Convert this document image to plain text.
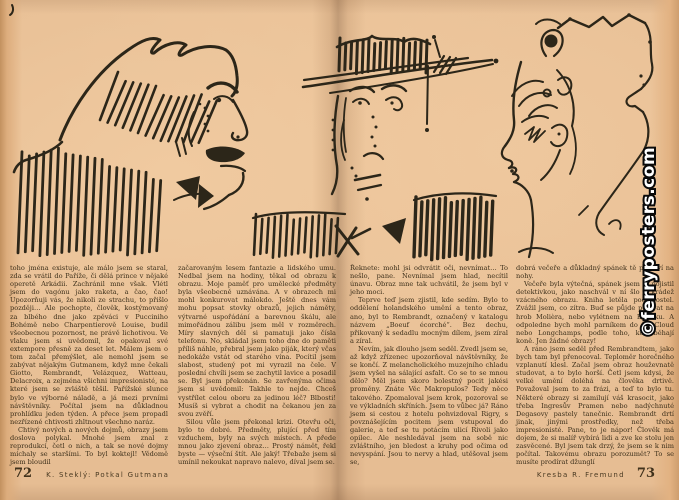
toho jména existuje, ale málo jsem se staral, zda se vrátil do Paříže, či dělá prince v nějaké operetě Arkádii. Zachránil mne však. Vlétl jsem do vagónu jako raketa, a čao, čao! Upozorňuji vás, že nikoli ze strachu, to přišlo později… Ale pochopte, člověk, kostýmovaný za blbého dne jako zpěváci v Pucciniho Bohémě nebo Charpentierově Louise, budil všeobecnou pozornost, ne právě lichotivou. Ve vlaku jsem si uvědomil, že opakoval své extempore přesně za deset let. Málem jsem o tom začal přemýšlet, ale nemohl jsem se zabývat nějakým Gutmanem, když mne čekali Giotto, Rembrandt, Velázquez, Watteau, Delacroix, a zejména všichni impresionisté, na které jsem se zvláště těšil. Pařížské slunce bylo ve výborné náladě, a já mezi prvními návštěvníky. Počítal jsem na důkladnou prohlídku jeden týden. A přece jsem propadl nezřízené chtivosti zhltnout všechno naráz.

Chtivý nových a nových dojmů, obrazy jsem doslova polykal. Mnohé jsem znal z reprodukcí, četl o nich, a tak se nové dojmy míchaly se staršími. To byl koktejl! Vědomě jsem bloudil

začarovaným lesem fantazie a lidského umu. Nedbal jsem na hodiny, těkal od obrazu k obrazu. Moje paměť pro umělecké předměty byla všeobecně uznávána. A v obrazech mi mohl konkurovat málokdo. Ještě dnes vám mohu popsat stovky obrazů, jejich náměty, výtvarné uspořádání a barevnou škálu, ale mimořádnou zálibu jsem měl v rozměrech. Míry slavných děl si pamatuji jako čísla telefonu. No, skládal jsem toho dne do paměti příliš náhle, přebral jsem jako piják, který včas nedokáže vstát od starého vína. Pocítil jsem slabost, studený pot mi vyrazil na čele. V poslední chvíli jsem se zachytil lavice a posadil se. Byl jsem překonán. Se zavřenýma očima jsem si uvědomil: Takhle to nejde. Chceš vystřílet celou oboru za jedinou léč? Blbosti! Musíš si vybrat a chodit na čekanou jen za svou zvěří.

Silou vůle jsem překonal krizi. Otevřu oči, bylo to dobré. Předměty, plující před tím vzduchem, byly na svých místech. A přede mnou jako zjevení obraz… Prostý námět, řekl byste — výseční štít. Ale jaký! Třebaže jsem si umínil nekoukat napravo nalevo, díval jsem se.

Řeknete: mohl jsi odvrátit oči, nevnímat… To nešlo, pane. Nevnímal jsem hlad, necítil únavu. Obraz mne tak uchvátil, že jsem byl v jeho moci.

Teprve teď jsem zjistil, kde sedím. Bylo to oddělení holandského umění a tento obraz, ano, byl to Rembrandt, označený v katalogu názvem „Boeuf écorché“. Bez dechu, přikovaný k sedadlu mocným dílem, jsem zíral a zíral.

Nevím, jak dlouho jsem seděl. Zvedl jsem se, až když zřízenec upozorňoval návštěvníky, že se končí. Z melancholického muzejního chladu jsem vyšel na sálající asfalt. Co se to se mnou dělo? Měl jsem skoro bolestný pocit jakési proměny. Znáte Věc Makropulos? Tedy něco takového. Zpomaloval jsem krok, pozoroval se ve výkladních skříních. Jsem to vůbec já? Ráno jsem si cestou z hotelu pohvizdoval Rigry, s povznášejícím pocitem jsem vstupoval do galerie, a teď se tu potácím ulicí Rivoli jako opilec. Ale neshledával jsem na sobě nic zvláštního, jen bledost a kruhy pod očima od nevyspání. Jsou to nervy a hlad, utěšoval jsem se,

dobrá večeře a důkladný spánek tě postaví na nohy.

Večeře byla výtečná, spánek jsem si pojistil detektivkou, jako naschvál v ní šlo o krádež vzácného obrazu. Kniha letěla pod postel. Zvážil jsem, co zítra. Buď se půjde podívat na hrob Molièra, nebo vylétnem na Eiffelku. A odpoledne bych mohl parníkem do St. Cloud nebo Longchamps, podle toho, kde běhají koně. Jen žádné obrazy!

A ráno jsem seděl před Rembrandtem, jako bych tam byl přenocoval. Teploměr horečného vzplanutí klesl. Začal jsem obraz houževnatě studovat, a to bylo horší. Četl jsem kdysi, že velké umění doléhá na člověka drtivě. Považoval jsem to za frázi, a teď to bylo tu. Některé obrazy si zamilují váš krasocit, jako třeba Ingresův Pramen nebo nadýchnuté Degasovy pastely tanečnic. Rembrandt drtí jinak, jinými prostředky, než třeba impresionisté. Pane, to je nápor! Člověk má dojem, že si malíř vybírá lidi a zve ke stolu jen zasvěcené. Byl jsem tak drzý, že jsem se k nim počítal. Takovému obrazu porozumět? To se musíte prodírat džunglí

72 K. Steklý: Potkal Gutmana	Kresba R. Fremund 73
©ferryposters.com
